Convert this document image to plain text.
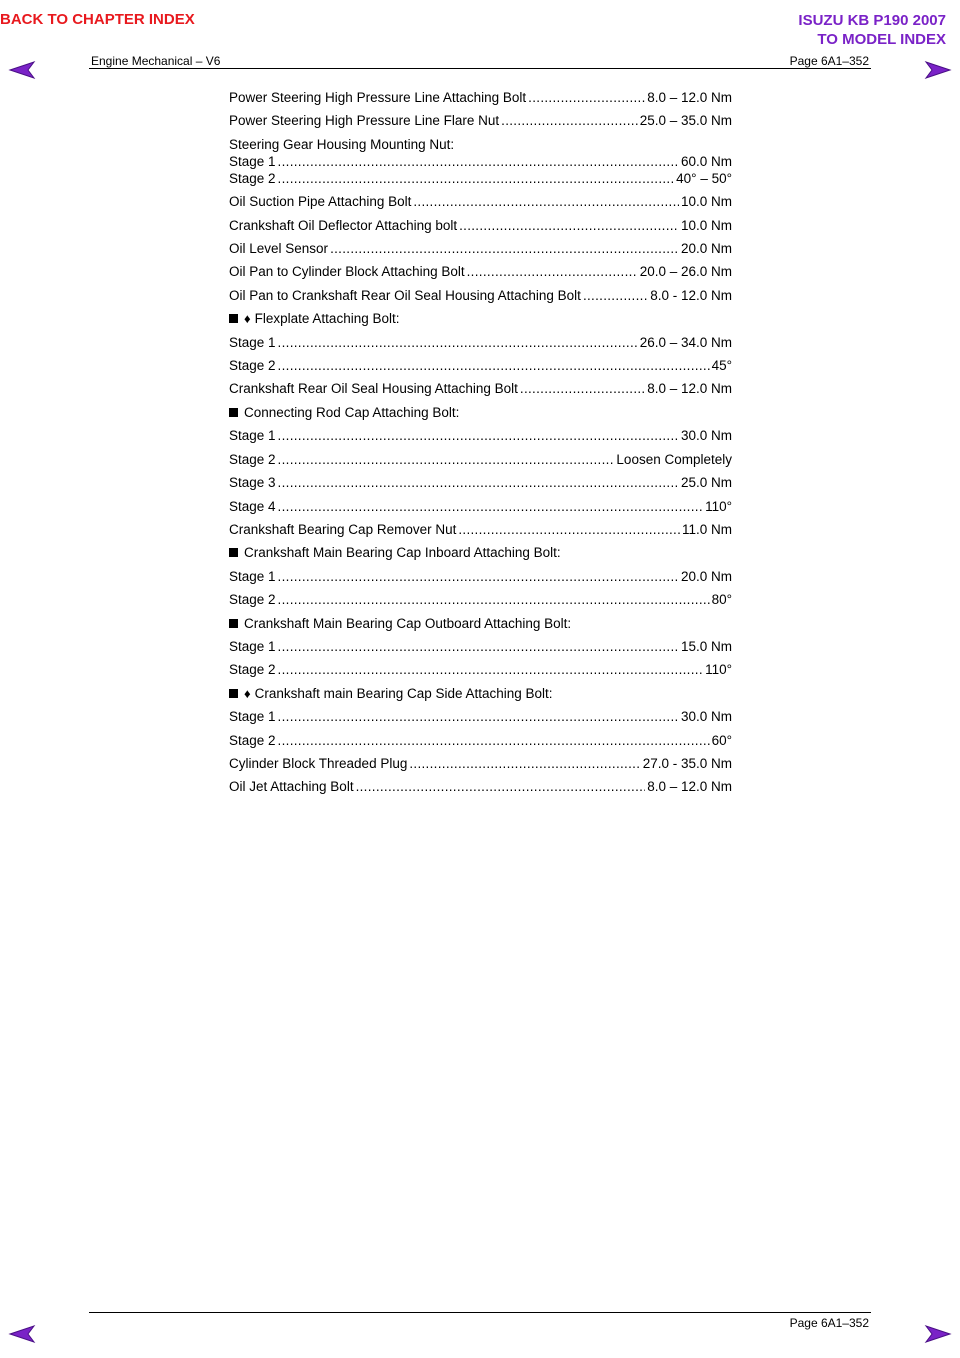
BACK TO CHAPTER INDEX	ISUZU KB P190 2007
TO MODEL INDEX
Engine Mechanical – V6	Page 6A1–352
Power Steering High Pressure Line Attaching Bolt .....	8.0 – 12.0 Nm
Power Steering High Pressure Line Flare Nut .....	25.0 – 35.0 Nm
Steering Gear Housing Mounting Nut:
Stage 1 .....	60.0 Nm
Stage 2 .....	40° – 50°
Oil Suction Pipe Attaching Bolt .....	10.0 Nm
Crankshaft Oil Deflector Attaching bolt .....	10.0 Nm
Oil Level Sensor .....	20.0 Nm
Oil Pan to Cylinder Block Attaching Bolt .....	20.0 – 26.0 Nm
Oil Pan to Crankshaft Rear Oil Seal Housing Attaching Bolt .....	8.0 - 12.0 Nm
♦ Flexplate Attaching Bolt:
Stage 1 .....	26.0 – 34.0 Nm
Stage 2 .....	45°
Crankshaft Rear Oil Seal Housing Attaching Bolt .....	8.0 – 12.0 Nm
Connecting Rod Cap Attaching Bolt:
Stage 1 .....	30.0 Nm
Stage 2 .....	Loosen Completely
Stage 3 .....	25.0 Nm
Stage 4 .....	110°
Crankshaft Bearing Cap Remover Nut .....	11.0 Nm
Crankshaft Main Bearing Cap Inboard Attaching Bolt:
Stage 1 .....	20.0 Nm
Stage 2 .....	80°
Crankshaft Main Bearing Cap Outboard Attaching Bolt:
Stage 1 .....	15.0 Nm
Stage 2 .....	110°
♦ Crankshaft main Bearing Cap Side Attaching Bolt:
Stage 1 .....	30.0 Nm
Stage 2 .....	60°
Cylinder Block Threaded Plug .....	27.0 - 35.0 Nm
Oil Jet Attaching Bolt .....	8.0 – 12.0 Nm
Page 6A1–352
